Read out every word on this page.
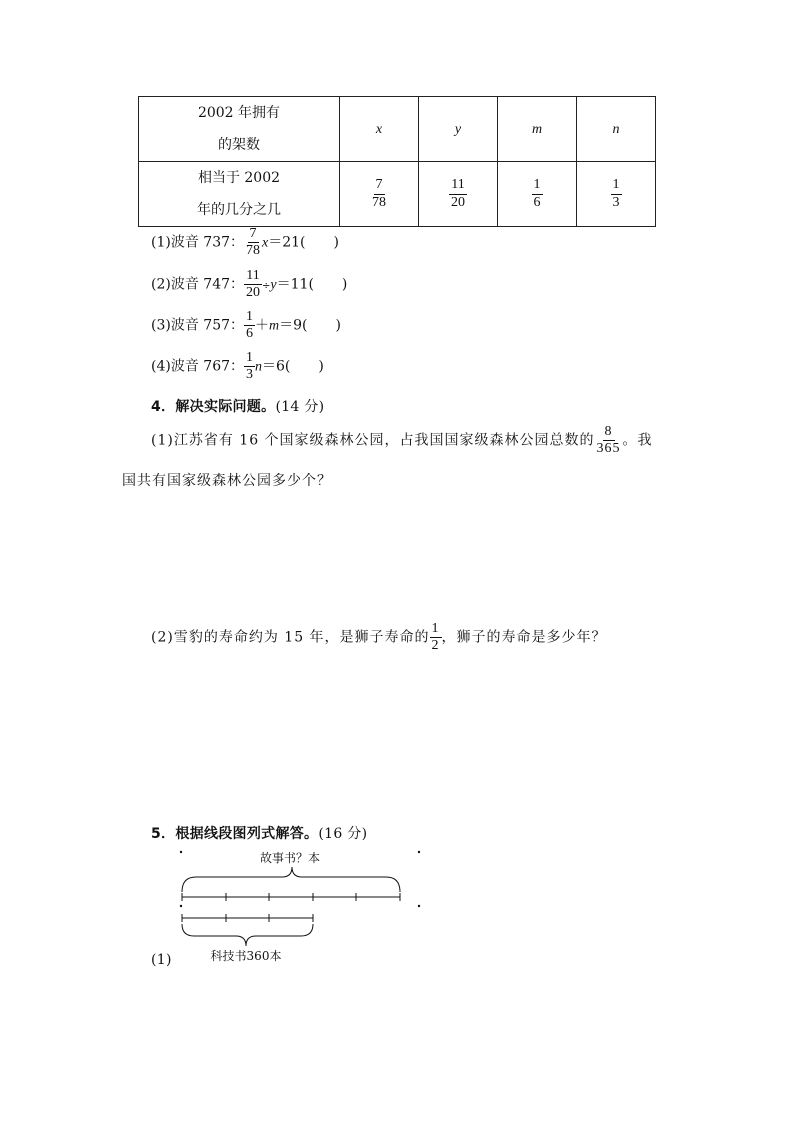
2002 年拥有
的架数	x	y	m	n
相当于 2002
年的几分之几	$\frac{7}{78}$	$\frac{11}{20}$	$\frac{1}{6}$	$\frac{1}{3}$
(1)波音 737： $\frac{7}{78} x=21$(　　)
(2)波音 747： $\frac{11}{20} \div y=11$(　　)
(3)波音 757： $\frac{1}{6} +m=9$(　　)
(4)波音 767： $\frac{1}{3} n=6$(　　)
4．解决实际问题。(14 分)
(1)江苏省有 16 个国家级森林公园，占我国国家级森林公园总数的 $\frac{8}{365}$ 。我
国共有国家级森林公园多少个？
(2)雪豹的寿命约为 15 年，是狮子寿命的 $\frac{1}{2}$ ，狮子的寿命是多少年？
5．根据线段图列式解答。(16 分)
故事书？本
科技书360本
(1)
